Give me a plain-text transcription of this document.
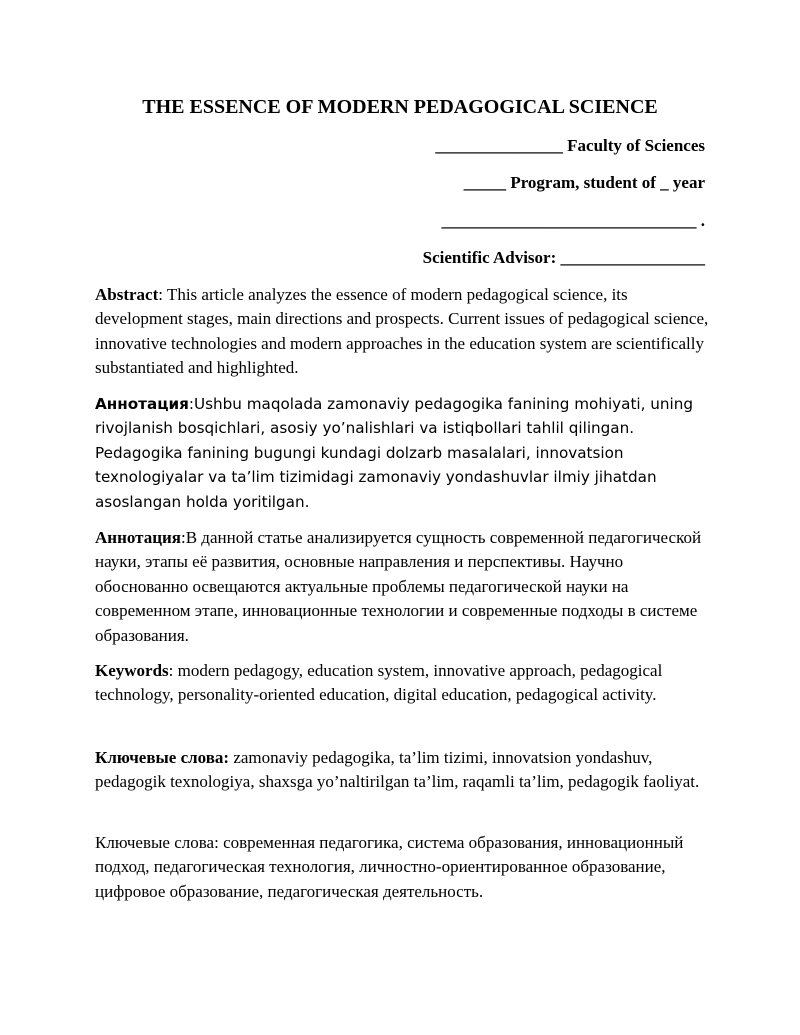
THE ESSENCE OF MODERN PEDAGOGICAL SCIENCE

_______________ Faculty of Sciences

_____ Program, student of _ year

______________________________ .

Scientific Advisor: _________________

Abstract: This article analyzes the essence of modern pedagogical science, its development stages, main directions and prospects. Current issues of pedagogical science, innovative technologies and modern approaches in the education system are scientifically substantiated and highlighted.

Аннотация:Ushbu maqolada zamonaviy pedagogika fanining mohiyati, uning rivojlanish bosqichlari, asosiy yo’nalishlari va istiqbollari tahlil qilingan. Pedagogika fanining bugungi kundagi dolzarb masalalari, innovatsion texnologiyalar va ta’lim tizimidagi zamonaviy yondashuvlar ilmiy jihatdan asoslangan holda yoritilgan.

Аннотация:В данной статье анализируется сущность современной педагогической науки, этапы её развития, основные направления и перспективы. Научно обоснованно освещаются актуальные проблемы педагогической науки на современном этапе, инновационные технологии и современные подходы в системе образования.

Keywords: modern pedagogy, education system, innovative approach, pedagogical technology, personality-oriented education, digital education, pedagogical activity.

Ключевые слова: zamonaviy pedagogika, ta’lim tizimi, innovatsion yondashuv, pedagogik texnologiya, shaxsga yo’naltirilgan ta’lim, raqamli ta’lim, pedagogik faoliyat.

Ключевые слова: современная педагогика, система образования, инновационный подход, педагогическая технология, личностно-ориентированное образование, цифровое образование, педагогическая деятельность.
